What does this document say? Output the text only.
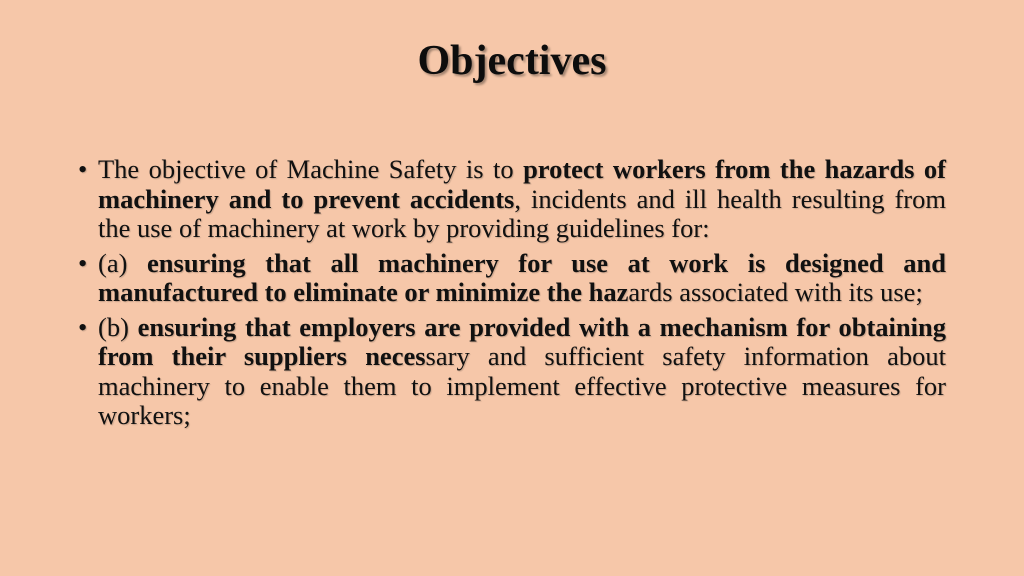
Objectives
• The objective of Machine Safety is to protect workers from the hazards of machinery and to prevent accidents, incidents and ill health resulting from the use of machinery at work by providing guidelines for:
• (a) ensuring that all machinery for use at work is designed and manufactured to eliminate or minimize the hazards associated with its use;
• (b) ensuring that employers are provided with a mechanism for obtaining from their suppliers necessary and sufficient safety information about machinery to enable them to implement effective protective measures for workers;
